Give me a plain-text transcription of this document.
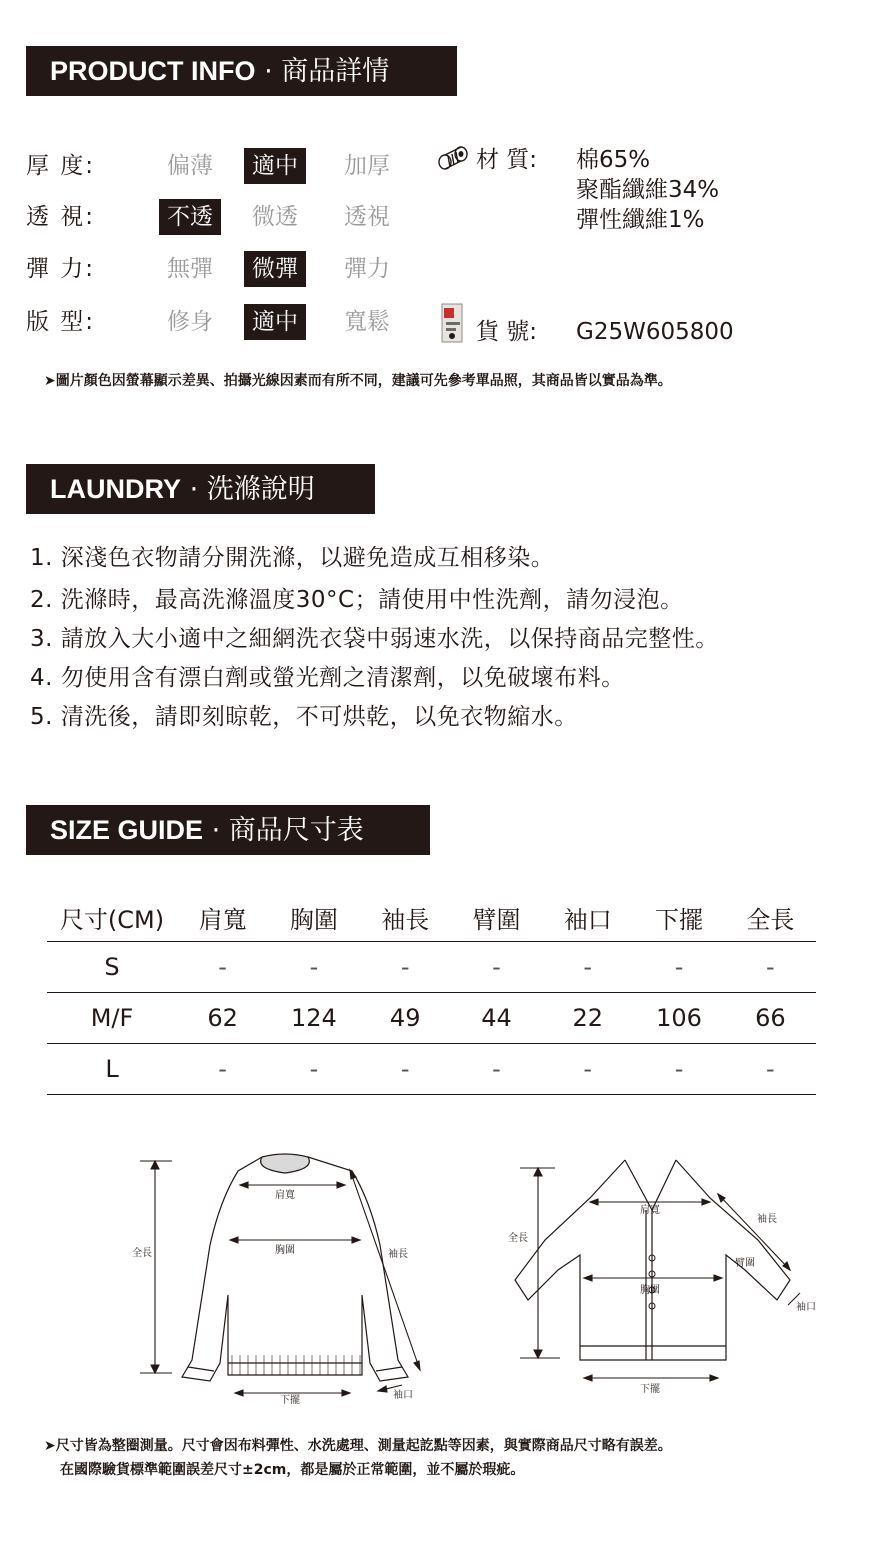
PRODUCT INFO · 商品詳情
厚 度:	偏薄	適中	加厚
透 視:	不透	微透	透視
彈 力:	無彈	微彈	彈力
版 型:	修身	適中	寬鬆
材 質: 棉65%
聚酯纖維34%
彈性纖維1%
貨 號: G25W605800
➤圖片顏色因螢幕顯示差異、拍攝光線因素而有所不同，建議可先參考單品照，其商品皆以實品為準。
LAUNDRY · 洗滌說明
1. 深淺色衣物請分開洗滌，以避免造成互相移染。
2. 洗滌時，最高洗滌溫度30°C；請使用中性洗劑，請勿浸泡。
3. 請放入大小適中之細網洗衣袋中弱速水洗，以保持商品完整性。
4. 勿使用含有漂白劑或螢光劑之清潔劑，以免破壞布料。
5. 清洗後，請即刻晾乾，不可烘乾，以免衣物縮水。
SIZE GUIDE · 商品尺寸表
尺寸(CM)	肩寬	胸圍	袖長	臂圍	袖口	下擺	全長
S	-	-	-	-	-	-	-
M/F	62	124	49	44	22	106	66
L	-	-	-	-	-	-	-
全長
肩寬
胸圍	袖長
下擺	袖口
全長
肩寬
胸圍
袖長
臂圍
袖口
下擺
➤尺寸皆為整圈測量。尺寸會因布料彈性、水洗處理、測量起訖點等因素，與實際商品尺寸略有誤差。
在國際驗貨標準範圍誤差尺寸±2cm，都是屬於正常範圍，並不屬於瑕疵。
